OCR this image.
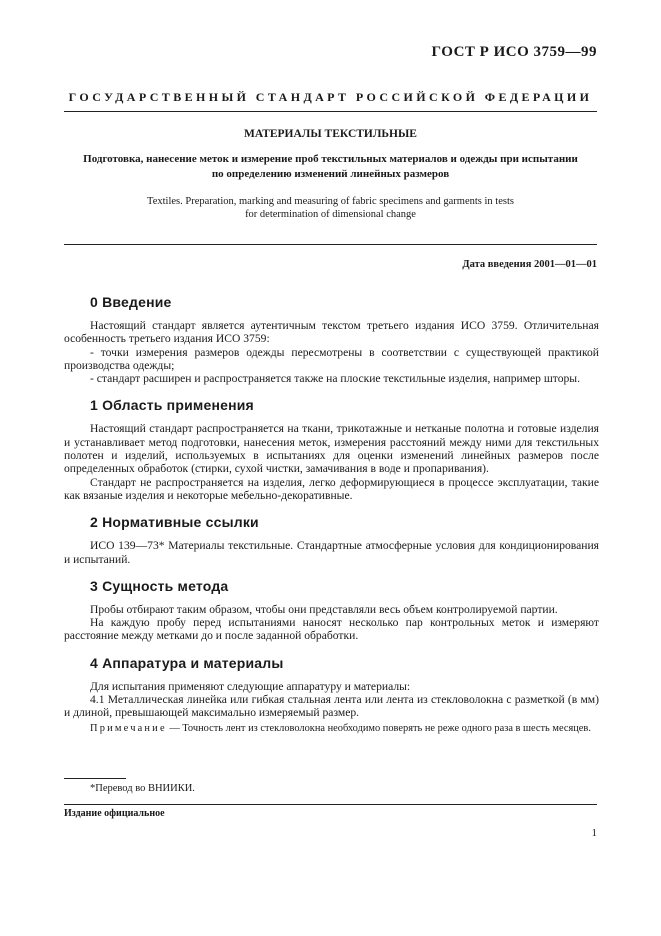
ГОСТ Р ИСО 3759—99
ГОСУДАРСТВЕННЫЙ СТАНДАРТ РОССИЙСКОЙ ФЕДЕРАЦИИ
МАТЕРИАЛЫ ТЕКСТИЛЬНЫЕ
Подготовка, нанесение меток и измерение проб текстильных материалов и одежды при испытании
по определению изменений линейных размеров
Textiles. Preparation, marking and measuring of fabric specimens and garments in tests
for determination of dimensional change
Дата введения 2001—01—01
0 Введение

Настоящий стандарт является аутентичным текстом третьего издания ИСО 3759. Отличительная особенность третьего издания ИСО 3759:

- точки измерения размеров одежды пересмотрены в соответствии с существующей практикой производства одежды;

- стандарт расширен и распространяется также на плоские текстильные изделия, например шторы.

1 Область применения

Настоящий стандарт распространяется на ткани, трикотажные и нетканые полотна и готовые изделия и устанавливает метод подготовки, нанесения меток, измерения расстояний между ними для текстильных полотен и изделий, используемых в испытаниях для оценки изменений линейных размеров после определенных обработок (стирки, сухой чистки, замачивания в воде и пропаривания).

Стандарт не распространяется на изделия, легко деформирующиеся в процессе эксплуатации, такие как вязаные изделия и некоторые мебельно-декоративные.

2 Нормативные ссылки

ИСО 139—73* Материалы текстильные. Стандартные атмосферные условия для кондиционирования и испытаний.

3 Сущность метода

Пробы отбирают таким образом, чтобы они представляли весь объем контролируемой партии.

На каждую пробу перед испытаниями наносят несколько пар контрольных меток и измеряют расстояние между метками до и после заданной обработки.

4 Аппаратура и материалы

Для испытания применяют следующие аппаратуру и материалы:

4.1 Металлическая линейка или гибкая стальная лента или лента из стекловолокна с разметкой (в мм) и длиной, превышающей максимально измеряемый размер.

Примечание — Точность лент из стекловолокна необходимо поверять не реже одного раза в шесть месяцев.

*Перевод во ВНИИКИ.
Издание официальное
1
